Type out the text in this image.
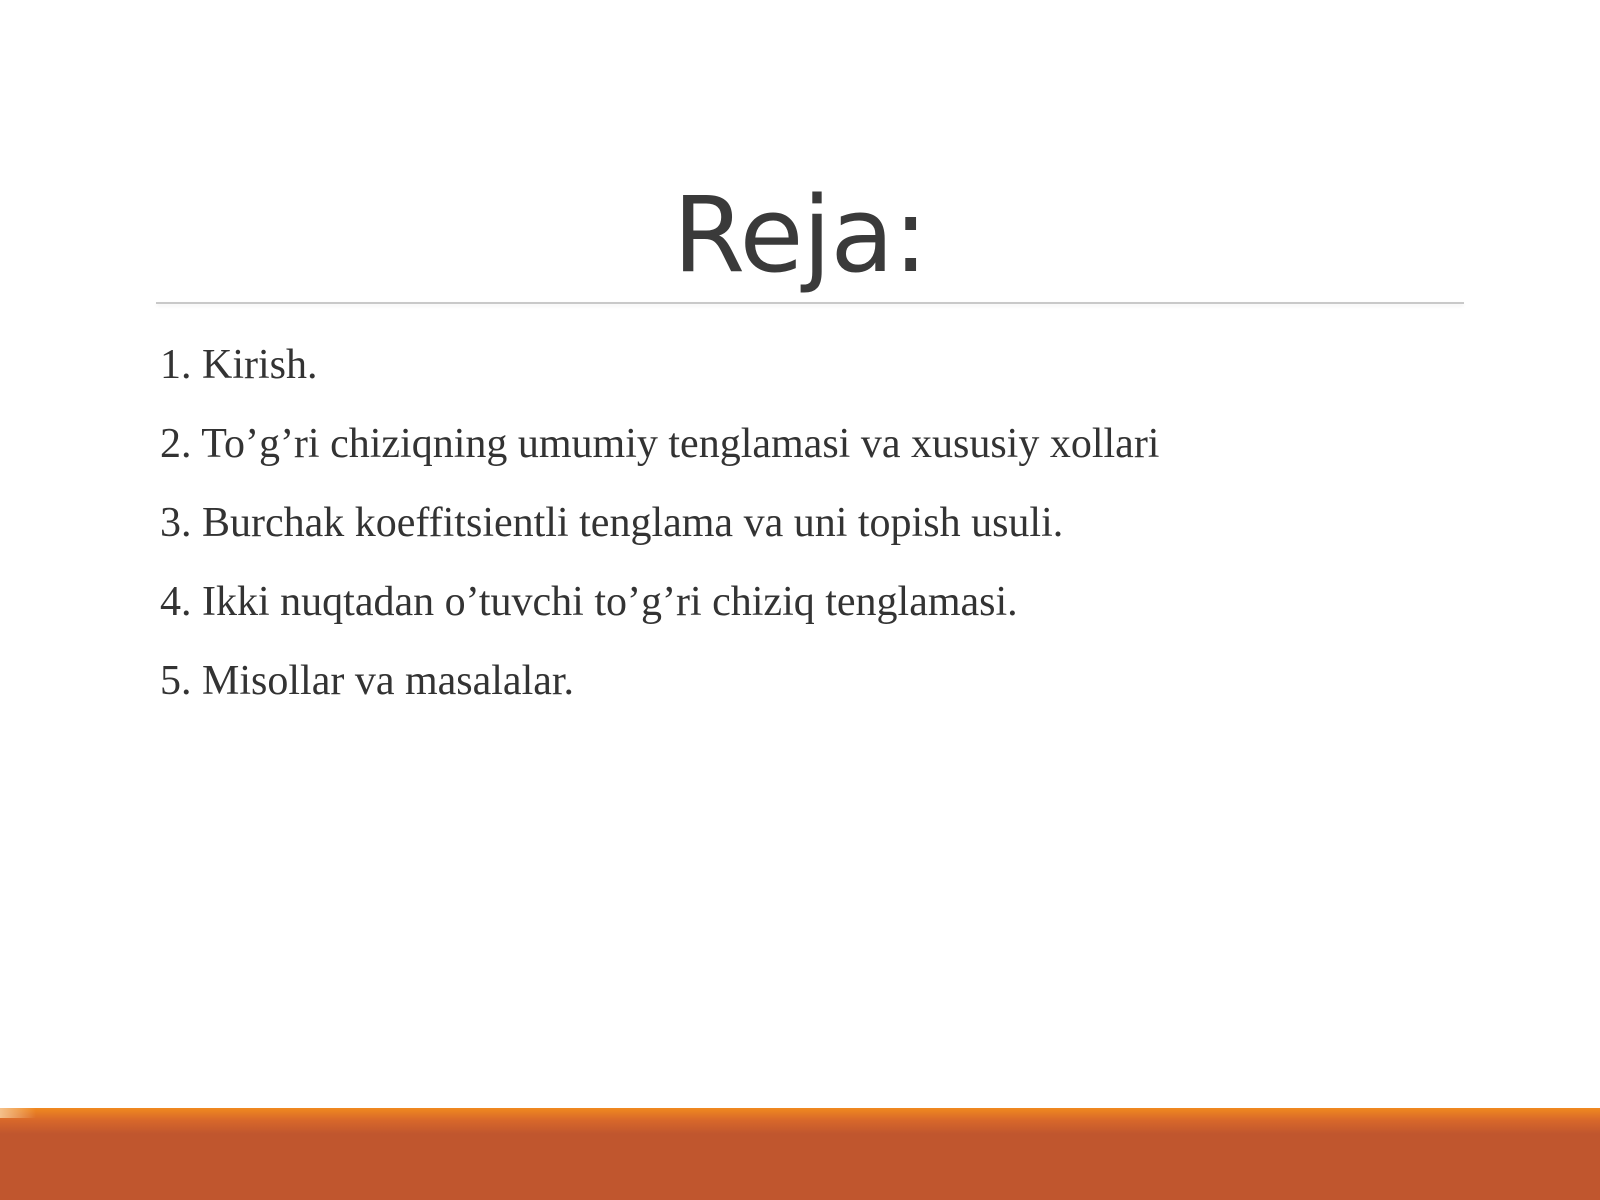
Reja:
1. Kirish.
2. To’g’ri chiziqning umumiy tenglamasi va xususiy xollari
3. Burchak koeffitsientli tenglama va uni topish usuli.
4. Ikki nuqtadan o’tuvchi to’g’ri chiziq tenglamasi.
5. Misollar va masalalar.
